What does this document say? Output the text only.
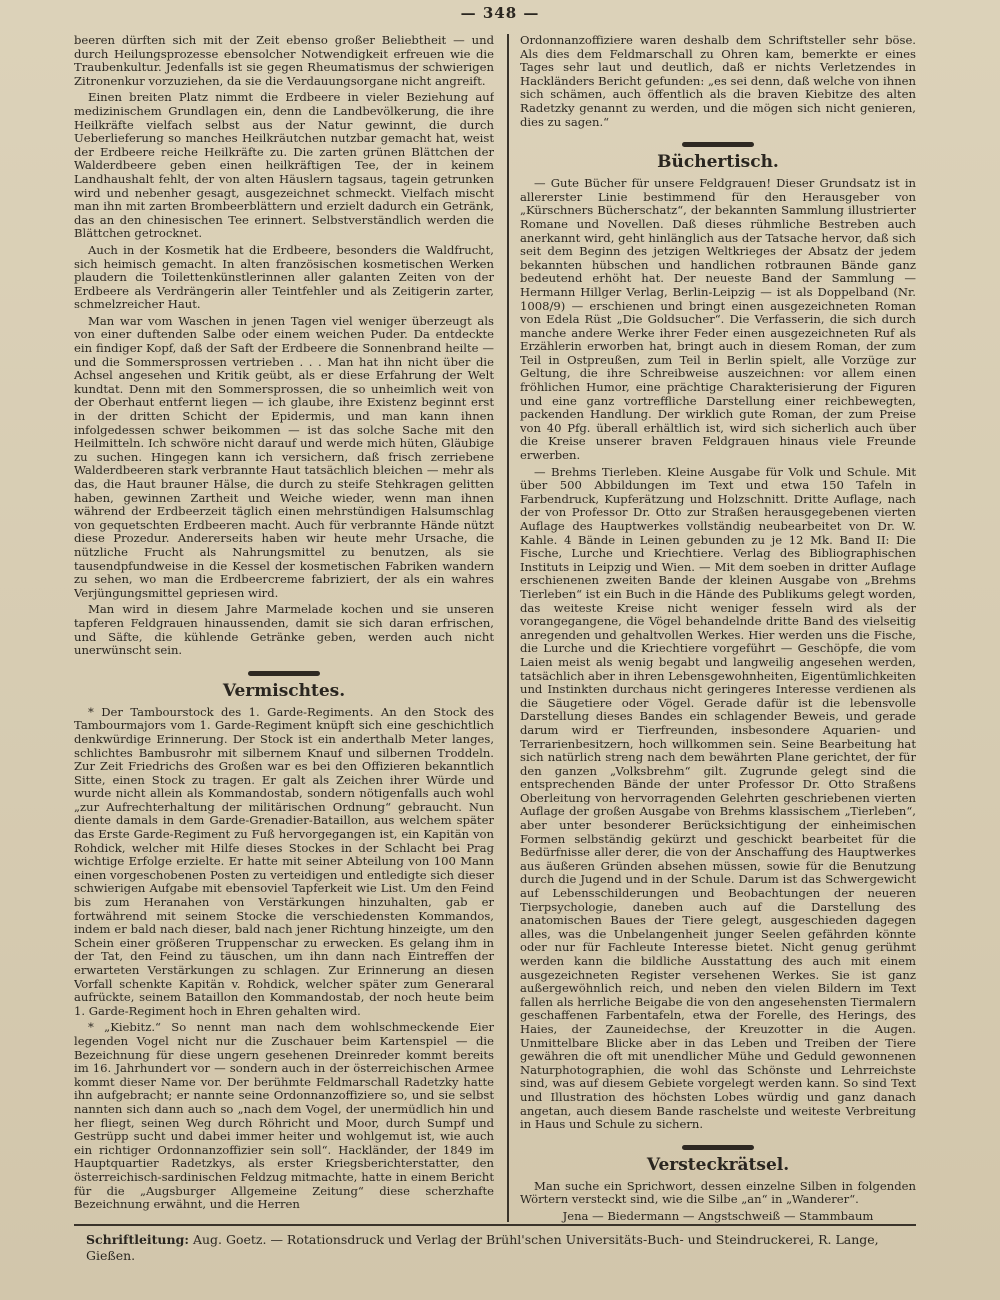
— 348 —

beeren dürften sich mit der Zeit ebenso großer Beliebtheit — und durch Heilungsprozesse ebensolcher Notwendigkeit erfreuen wie die Traubenkultur. Jedenfalls ist sie gegen Rheumatismus der schwierigen Zitronenkur vorzuziehen, da sie die Verdauungsorgane nicht angreift.

Einen breiten Platz nimmt die Erdbeere in vieler Beziehung auf medizinischem Grundlagen ein, denn die Landbevölkerung, die ihre Heilkräfte vielfach selbst aus der Natur gewinnt, die durch Ueberlieferung so manches Heilkräutchen nutzbar gemacht hat, weist der Erdbeere reiche Heilkräfte zu. Die zarten grünen Blättchen der Walderdbeere geben einen heilkräftigen Tee, der in keinem Landhaushalt fehlt, der von alten Häuslern tagsaus, tagein getrunken wird und nebenher gesagt, ausgezeichnet schmeckt. Vielfach mischt man ihn mit zarten Brombeerblättern und erzielt dadurch ein Getränk, das an den chinesischen Tee erinnert. Selbstverständlich werden die Blättchen getrocknet.

Auch in der Kosmetik hat die Erdbeere, besonders die Waldfrucht, sich heimisch gemacht. In alten französischen kosmetischen Werken plaudern die Toilettenkünstlerinnen aller galanten Zeiten von der Erdbeere als Verdrängerin aller Teintfehler und als Zeitigerin zarter, schmelzreicher Haut.

Man war vom Waschen in jenen Tagen viel weniger überzeugt als von einer duftenden Salbe oder einem weichen Puder. Da entdeckte ein findiger Kopf, daß der Saft der Erdbeere die Sonnenbrand heilte — und die Sommersprossen vertrieben . . . Man hat ihn nicht über die Achsel angesehen und Kritik geübt, als er diese Erfahrung der Welt kundtat. Denn mit den Sommersprossen, die so unheimlich weit von der Oberhaut entfernt liegen — ich glaube, ihre Existenz beginnt erst in der dritten Schicht der Epidermis, und man kann ihnen infolgedessen schwer beikommen — ist das solche Sache mit den Heilmitteln. Ich schwöre nicht darauf und werde mich hüten, Gläubige zu suchen. Hingegen kann ich versichern, daß frisch zerriebene Walderdbeeren stark verbrannte Haut tatsächlich bleichen — mehr als das, die Haut brauner Hälse, die durch zu steife Stehkragen gelitten haben, gewinnen Zartheit und Weiche wieder, wenn man ihnen während der Erdbeerzeit täglich einen mehrstündigen Halsumschlag von gequetschten Erdbeeren macht. Auch für verbrannte Hände nützt diese Prozedur. Andererseits haben wir heute mehr Ursache, die nützliche Frucht als Nahrungsmittel zu benutzen, als sie tausendpfundweise in die Kessel der kosmetischen Fabriken wandern zu sehen, wo man die Erdbeercreme fabriziert, der als ein wahres Verjüngungsmittel gepriesen wird.

Man wird in diesem Jahre Marmelade kochen und sie unseren tapferen Feldgrauen hinaussenden, damit sie sich daran erfrischen, und Säfte, die kühlende Getränke geben, werden auch nicht unerwünscht sein.

Vermischtes.

* Der Tambourstock des 1. Garde-Regiments. An den Stock des Tambourmajors vom 1. Garde-Regiment knüpft sich eine geschichtlich denkwürdige Erinnerung. Der Stock ist ein anderthalb Meter langes, schlichtes Bambusrohr mit silbernem Knauf und silbernen Troddeln. Zur Zeit Friedrichs des Großen war es bei den Offizieren bekanntlich Sitte, einen Stock zu tragen. Er galt als Zeichen ihrer Würde und wurde nicht allein als Kommandostab, sondern nötigenfalls auch wohl „zur Aufrechterhaltung der militärischen Ordnung“ gebraucht. Nun diente damals in dem Garde-Grenadier-Bataillon, aus welchem später das Erste Garde-Regiment zu Fuß hervorgegangen ist, ein Kapitän von Rohdick, welcher mit Hilfe dieses Stockes in der Schlacht bei Prag wichtige Erfolge erzielte. Er hatte mit seiner Abteilung von 100 Mann einen vorgeschobenen Posten zu verteidigen und entledigte sich dieser schwierigen Aufgabe mit ebensoviel Tapferkeit wie List. Um den Feind bis zum Heranahen von Verstärkungen hinzuhalten, gab er fortwährend mit seinem Stocke die verschiedensten Kommandos, indem er bald nach dieser, bald nach jener Richtung hinzeigte, um den Schein einer größeren Truppenschar zu erwecken. Es gelang ihm in der Tat, den Feind zu täuschen, um ihn dann nach Eintreffen der erwarteten Verstärkungen zu schlagen. Zur Erinnerung an diesen Vorfall schenkte Kapitän v. Rohdick, welcher später zum Generaral aufrückte, seinem Bataillon den Kommandostab, der noch heute beim 1. Garde-Regiment hoch in Ehren gehalten wird.

* „Kiebitz.“ So nennt man nach dem wohlschmeckende Eier legenden Vogel nicht nur die Zuschauer beim Kartenspiel — die Bezeichnung für diese ungern gesehenen Dreinreder kommt bereits im 16. Jahrhundert vor — sondern auch in der österreichischen Armee kommt dieser Name vor. Der berühmte Feldmarschall Radetzky hatte ihn aufgebracht; er nannte seine Ordonnanzoffiziere so, und sie selbst nannten sich dann auch so „nach dem Vogel, der unermüdlich hin und her fliegt, seinen Weg durch Röhricht und Moor, durch Sumpf und Gestrüpp sucht und dabei immer heiter und wohlgemut ist, wie auch ein richtiger Ordonnanzoffizier sein soll“. Hackländer, der 1849 im Hauptquartier Radetzkys, als erster Kriegsberichterstatter, den österreichisch-sardinischen Feldzug mitmachte, hatte in einem Bericht für die „Augsburger Allgemeine Zeitung“ diese scherzhafte Bezeichnung erwähnt, und die Herren

Ordonnanzoffiziere waren deshalb dem Schriftsteller sehr böse. Als dies dem Feldmarschall zu Ohren kam, bemerkte er eines Tages sehr laut und deutlich, daß er nichts Verletzendes in Hackländers Bericht gefunden: „es sei denn, daß welche von ihnen sich schämen, auch öffentlich als die braven Kiebitze des alten Radetzky genannt zu werden, und die mögen sich nicht genieren, dies zu sagen.“

Büchertisch.

— Gute Bücher für unsere Feldgrauen! Dieser Grundsatz ist in allererster Linie bestimmend für den Herausgeber von „Kürschners Bücherschatz“, der bekannten Sammlung illustrierter Romane und Novellen. Daß dieses rühmliche Bestreben auch anerkannt wird, geht hinlänglich aus der Tatsache hervor, daß sich seit dem Beginn des jetzigen Weltkrieges der Absatz der jedem bekannten hübschen und handlichen rotbraunen Bände ganz bedeutend erhöht hat. Der neueste Band der Sammlung — Hermann Hillger Verlag, Berlin-Leipzig — ist als Doppelband (Nr. 1008/9) — erschienen und bringt einen ausgezeichneten Roman von Edela Rüst „Die Goldsucher“. Die Verfasserin, die sich durch manche andere Werke ihrer Feder einen ausgezeichneten Ruf als Erzählerin erworben hat, bringt auch in diesem Roman, der zum Teil in Ostpreußen, zum Teil in Berlin spielt, alle Vorzüge zur Geltung, die ihre Schreibweise auszeichnen: vor allem einen fröhlichen Humor, eine prächtige Charakterisierung der Figuren und eine ganz vortreffliche Darstellung einer reichbewegten, packenden Handlung. Der wirklich gute Roman, der zum Preise von 40 Pfg. überall erhältlich ist, wird sich sicherlich auch über die Kreise unserer braven Feldgrauen hinaus viele Freunde erwerben.

— Brehms Tierleben. Kleine Ausgabe für Volk und Schule. Mit über 500 Abbildungen im Text und etwa 150 Tafeln in Farbendruck, Kupferätzung und Holzschnitt. Dritte Auflage, nach der von Professor Dr. Otto zur Straßen herausgegebenen vierten Auflage des Hauptwerkes vollständig neubearbeitet von Dr. W. Kahle. 4 Bände in Leinen gebunden zu je 12 Mk. Band II: Die Fische, Lurche und Kriechtiere. Verlag des Bibliographischen Instituts in Leipzig und Wien. — Mit dem soeben in dritter Auflage erschienenen zweiten Bande der kleinen Ausgabe von „Brehms Tierleben“ ist ein Buch in die Hände des Publikums gelegt worden, das weiteste Kreise nicht weniger fesseln wird als der vorangegangene, die Vögel behandelnde dritte Band des vielseitig anregenden und gehaltvollen Werkes. Hier werden uns die Fische, die Lurche und die Kriechtiere vorgeführt — Geschöpfe, die vom Laien meist als wenig begabt und langweilig angesehen werden, tatsächlich aber in ihren Lebensgewohnheiten, Eigentümlichkeiten und Instinkten durchaus nicht geringeres Interesse verdienen als die Säugetiere oder Vögel. Gerade dafür ist die lebensvolle Darstellung dieses Bandes ein schlagender Beweis, und gerade darum wird er Tierfreunden, insbesondere Aquarien- und Terrarienbesitzern, hoch willkommen sein. Seine Bearbeitung hat sich natürlich streng nach dem bewährten Plane gerichtet, der für den ganzen „Volksbrehm“ gilt. Zugrunde gelegt sind die entsprechenden Bände der unter Professor Dr. Otto Straßens Oberleitung von hervorragenden Gelehrten geschriebenen vierten Auflage der großen Ausgabe von Brehms klassischem „Tierleben“, aber unter besonderer Berücksichtigung der einheimischen Formen selbständig gekürzt und geschickt bearbeitet für die Bedürfnisse aller derer, die von der Anschaffung des Hauptwerkes aus äußeren Gründen absehen müssen, sowie für die Benutzung durch die Jugend und in der Schule. Darum ist das Schwergewicht auf Lebensschilderungen und Beobachtungen der neueren Tierpsychologie, daneben auch auf die Darstellung des anatomischen Baues der Tiere gelegt, ausgeschieden dagegen alles, was die Unbelangenheit junger Seelen gefährden könnte oder nur für Fachleute Interesse bietet. Nicht genug gerühmt werden kann die bildliche Ausstattung des auch mit einem ausgezeichneten Register versehenen Werkes. Sie ist ganz außergewöhnlich reich, und neben den vielen Bildern im Text fallen als herrliche Beigabe die von den angesehensten Tiermalern geschaffenen Farbentafeln, etwa der Forelle, des Herings, des Haies, der Zauneidechse, der Kreuzotter in die Augen. Unmittelbare Blicke aber in das Leben und Treiben der Tiere gewähren die oft mit unendlicher Mühe und Geduld gewonnenen Naturphotographien, die wohl das Schönste und Lehrreichste sind, was auf diesem Gebiete vorgelegt werden kann. So sind Text und Illustration des höchsten Lobes würdig und ganz danach angetan, auch diesem Bande raschelste und weiteste Verbreitung in Haus und Schule zu sichern.

Versteckrätsel.

Man suche ein Sprichwort, dessen einzelne Silben in folgenden Wörtern versteckt sind, wie die Silbe „an“ in „Wanderer“.

Jena — Biedermann — Angstschweiß — Stammbaum

Schriftleitung: Aug. Goetz. — Rotationsdruck und Verlag der Brühl'schen Universitäts-Buch- und Steindruckerei, R. Lange, Gießen.
